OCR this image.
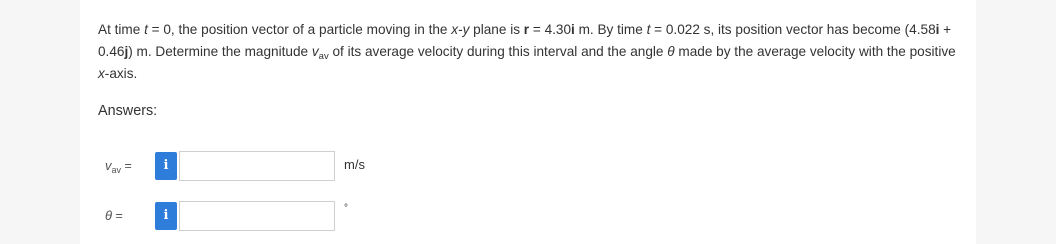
At time t = 0, the position vector of a particle moving in the x-y plane is r = 4.30i m. By time t = 0.022 s, its position vector has become (4.58i + 0.46j) m. Determine the magnitude $v_{av}$ of its average velocity during this interval and the angle θ made by the average velocity with the positive x-axis.
Answers:
$v_{av}$ =	i	m/s
θ =	i	°
